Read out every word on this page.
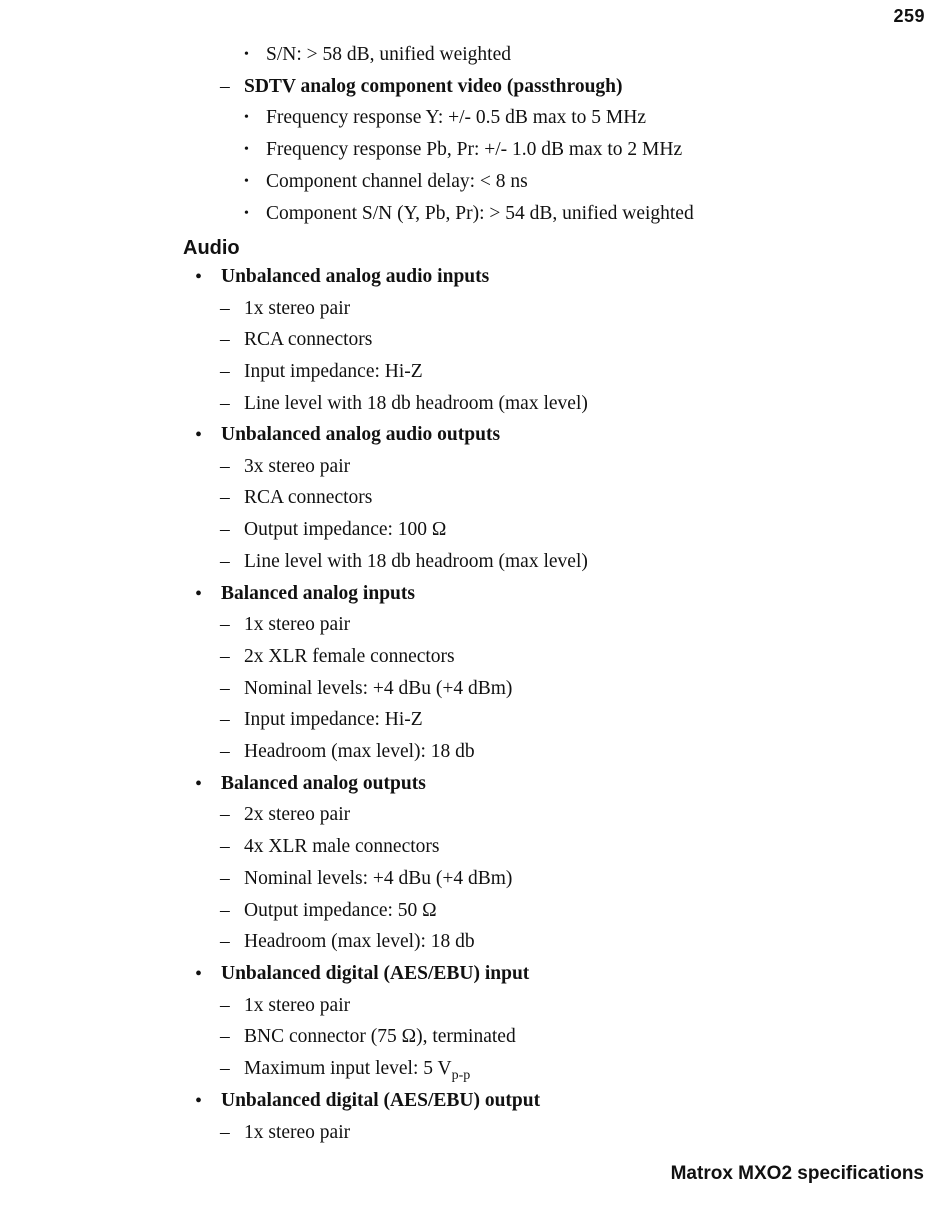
259
• S/N: > 58 dB, unified weighted
– SDTV analog component video (passthrough)
• Frequency response Y: +/- 0.5 dB max to 5 MHz
• Frequency response Pb, Pr: +/- 1.0 dB max to 2 MHz
• Component channel delay: < 8 ns
• Component S/N (Y, Pb, Pr): > 54 dB, unified weighted
Audio
• Unbalanced analog audio inputs
– 1x stereo pair
– RCA connectors
– Input impedance: Hi-Z
– Line level with 18 db headroom (max level)
• Unbalanced analog audio outputs
– 3x stereo pair
– RCA connectors
– Output impedance: 100 Ω
– Line level with 18 db headroom (max level)
• Balanced analog inputs
– 1x stereo pair
– 2x XLR female connectors
– Nominal levels: +4 dBu (+4 dBm)
– Input impedance: Hi-Z
– Headroom (max level): 18 db
• Balanced analog outputs
– 2x stereo pair
– 4x XLR male connectors
– Nominal levels: +4 dBu (+4 dBm)
– Output impedance: 50 Ω
– Headroom (max level): 18 db
• Unbalanced digital (AES/EBU) input
– 1x stereo pair
– BNC connector (75 Ω), terminated
– Maximum input level: 5 $V_{p-p}$
• Unbalanced digital (AES/EBU) output
– 1x stereo pair
Matrox MXO2 specifications
